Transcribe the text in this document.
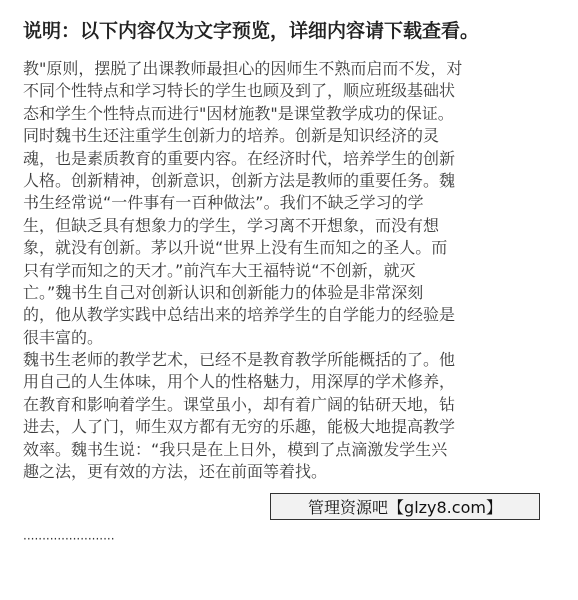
说明：以下内容仅为文字预览，详细内容请下载查看。
教"原则，摆脱了出课教师最担心的因师生不熟而启而不发，对
不同个性特点和学习特长的学生也顾及到了，顺应班级基础状
态和学生个性特点而进行"因材施教"是课堂教学成功的保证。
同时魏书生还注重学生创新力的培养。创新是知识经济的灵
魂，也是素质教育的重要内容。在经济时代，培养学生的创新
人格。创新精神，创新意识，创新方法是教师的重要任务。魏
书生经常说“一件事有一百种做法”。我们不缺乏学习的学
生，但缺乏具有想象力的学生，学习离不开想象，而没有想
象，就没有创新。茅以升说“世界上没有生而知之的圣人。而
只有学而知之的天才。”前汽车大王福特说“不创新，就灭
亡。”魏书生自己对创新认识和创新能力的体验是非常深刻
的，他从教学实践中总结出来的培养学生的自学能力的经验是
很丰富的。
魏书生老师的教学艺术，已经不是教育教学所能概括的了。他
用自己的人生体味，用个人的性格魅力，用深厚的学术修养，
在教育和影响着学生。课堂虽小，却有着广阔的钻研天地，钻
进去，人了门，师生双方都有无穷的乐趣，能极大地提高教学
效率。魏书生说：“我只是在上日外，模到了点滴激发学生兴
趣之法，更有效的方法，还在前面等着找。
························
管理资源吧【glzy8.com】
